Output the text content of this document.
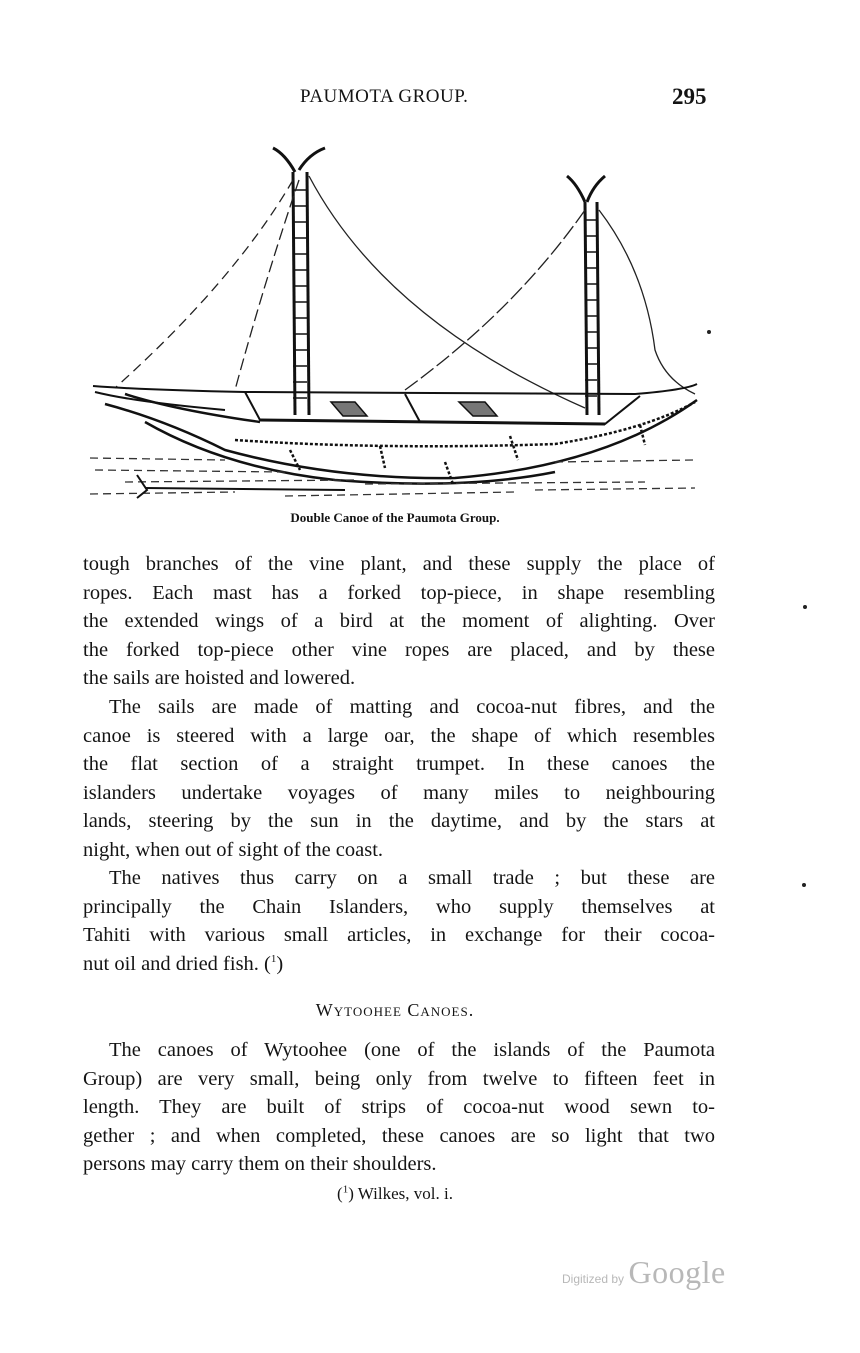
PAUMOTA GROUP.	295
Double Canoe of the Paumota Group.
tough branches of the vine plant, and these supply the place of
ropes. Each mast has a forked top-piece, in shape resembling
the extended wings of a bird at the moment of alighting. Over
the forked top-piece other vine ropes are placed, and by these
the sails are hoisted and lowered.
The sails are made of matting and cocoa-nut fibres, and the
canoe is steered with a large oar, the shape of which resembles
the flat section of a straight trumpet. In these canoes the
islanders undertake voyages of many miles to neighbouring
lands, steering by the sun in the daytime, and by the stars at
night, when out of sight of the coast.
The natives thus carry on a small trade ; but these are
principally the Chain Islanders, who supply themselves at
Tahiti with various small articles, in exchange for their cocoa-
nut oil and dried fish. ($^1$)
Wytoohee Canoes.
The canoes of Wytoohee (one of the islands of the Paumota
Group) are very small, being only from twelve to fifteen feet in
length. They are built of strips of cocoa-nut wood sewn to-
gether ; and when completed, these canoes are so light that two
persons may carry them on their shoulders.
($^1$) Wilkes, vol. i.
Digitized by Google
